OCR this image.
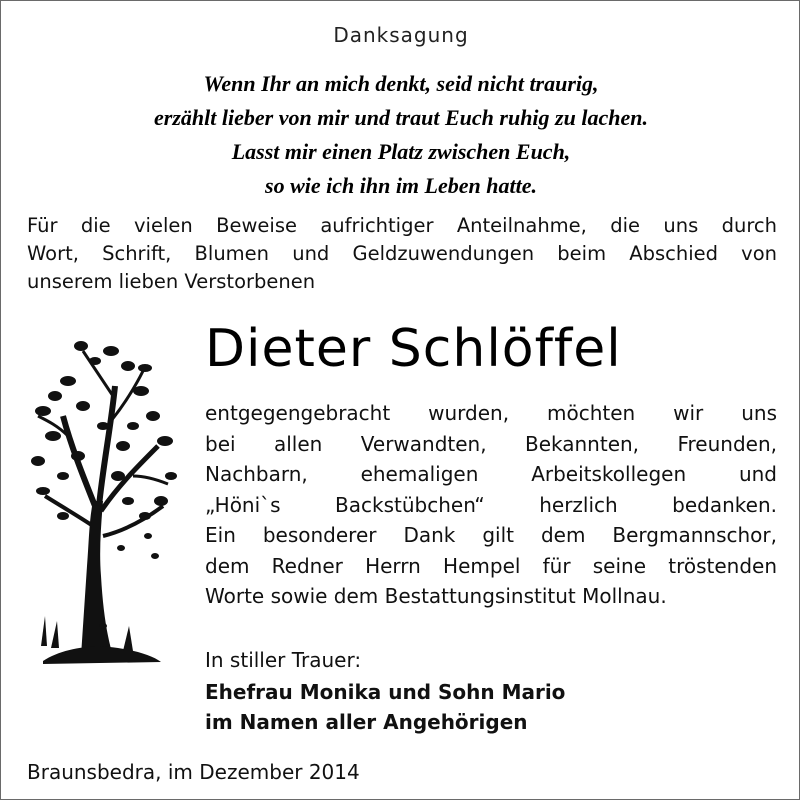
Danksagung
Wenn Ihr an mich denkt, seid nicht traurig,
erzählt lieber von mir und traut Euch ruhig zu lachen.
Lasst mir einen Platz zwischen Euch,
so wie ich ihn im Leben hatte.
Für die vielen Beweise aufrichtiger Anteilnahme, die uns durch
Wort, Schrift, Blumen und Geldzuwendungen beim Abschied von
unserem lieben Verstorbenen
Dieter Schlöffel
entgegengebracht wurden, möchten wir uns
bei allen Verwandten, Bekannten, Freunden,
Nachbarn, ehemaligen Arbeitskollegen und
„Höni`s Backstübchen“ herzlich bedanken.
Ein besonderer Dank gilt dem Bergmannschor,
dem Redner Herrn Hempel für seine tröstenden
Worte sowie dem Bestattungsinstitut Mollnau.
In stiller Trauer:
Ehefrau Monika und Sohn Mario
im Namen aller Angehörigen
Braunsbedra, im Dezember 2014
